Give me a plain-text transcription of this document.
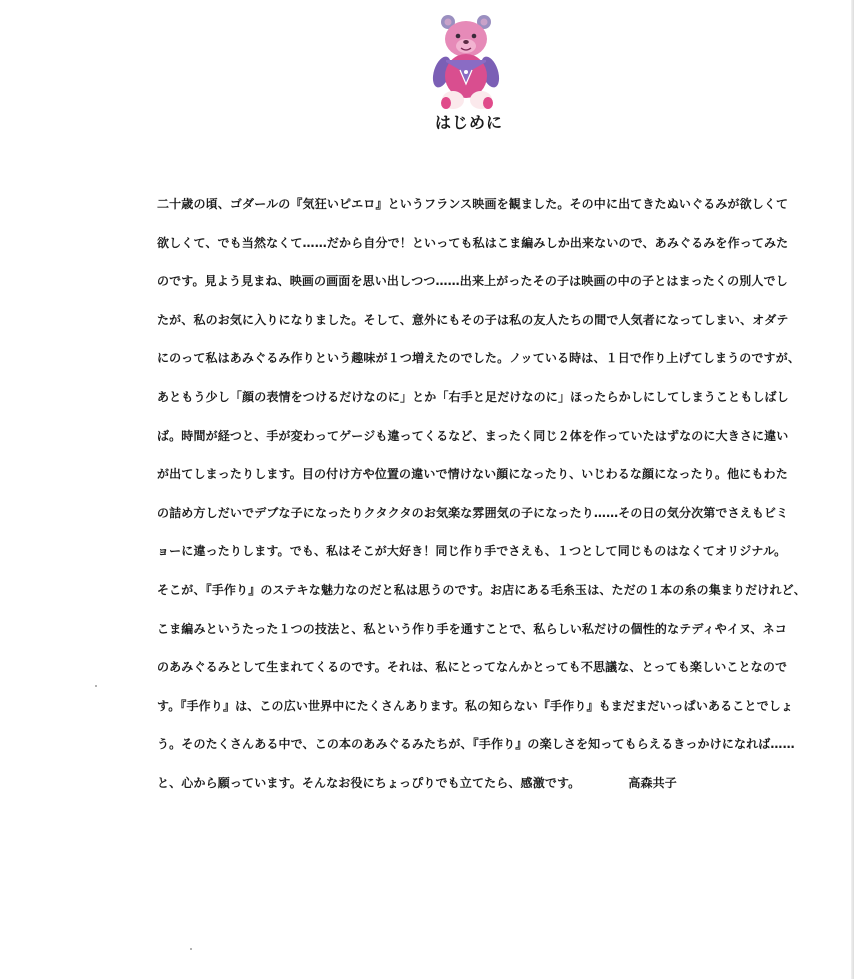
はじめに
二十歳の頃、ゴダールの『気狂いピエロ』というフランス映画を観ました。その中に出てきたぬいぐるみが欲しくて
欲しくて、でも当然なくて……だから自分で！といっても私はこま編みしか出来ないので、あみぐるみを作ってみた
のです。見よう見まね、映画の画面を思い出しつつ……出来上がったその子は映画の中の子とはまったくの別人でし
たが、私のお気に入りになりました。そして、意外にもその子は私の友人たちの間で人気者になってしまい、オダテ
にのって私はあみぐるみ作りという趣味が１つ増えたのでした。ノッている時は、１日で作り上げてしまうのですが、
あともう少し「顔の表情をつけるだけなのに」とか「右手と足だけなのに」ほったらかしにしてしまうこともしばし
ば。時間が経つと、手が変わってゲージも違ってくるなど、まったく同じ２体を作っていたはずなのに大きさに違い
が出てしまったりします。目の付け方や位置の違いで情けない顔になったり、いじわるな顔になったり。他にもわた
の詰め方しだいでデブな子になったりクタクタのお気楽な雰囲気の子になったり……その日の気分次第でさえもビミ
ョーに違ったりします。でも、私はそこが大好き！同じ作り手でさえも、１つとして同じものはなくてオリジナル。
そこが、『手作り』のステキな魅力なのだと私は思うのです。お店にある毛糸玉は、ただの１本の糸の集まりだけれど、
こま編みというたった１つの技法と、私という作り手を通すことで、私らしい私だけの個性的なテディやイヌ、ネコ
のあみぐるみとして生まれてくるのです。それは、私にとってなんかとっても不思議な、とっても楽しいことなので
す。『手作り』は、この広い世界中にたくさんあります。私の知らない『手作り』もまだまだいっぱいあることでしょ
う。そのたくさんある中で、この本のあみぐるみたちが、『手作り』の楽しさを知ってもらえるきっかけになれば……
と、心から願っています。そんなお役にちょっぴりでも立てたら、感激です。	高森共子
